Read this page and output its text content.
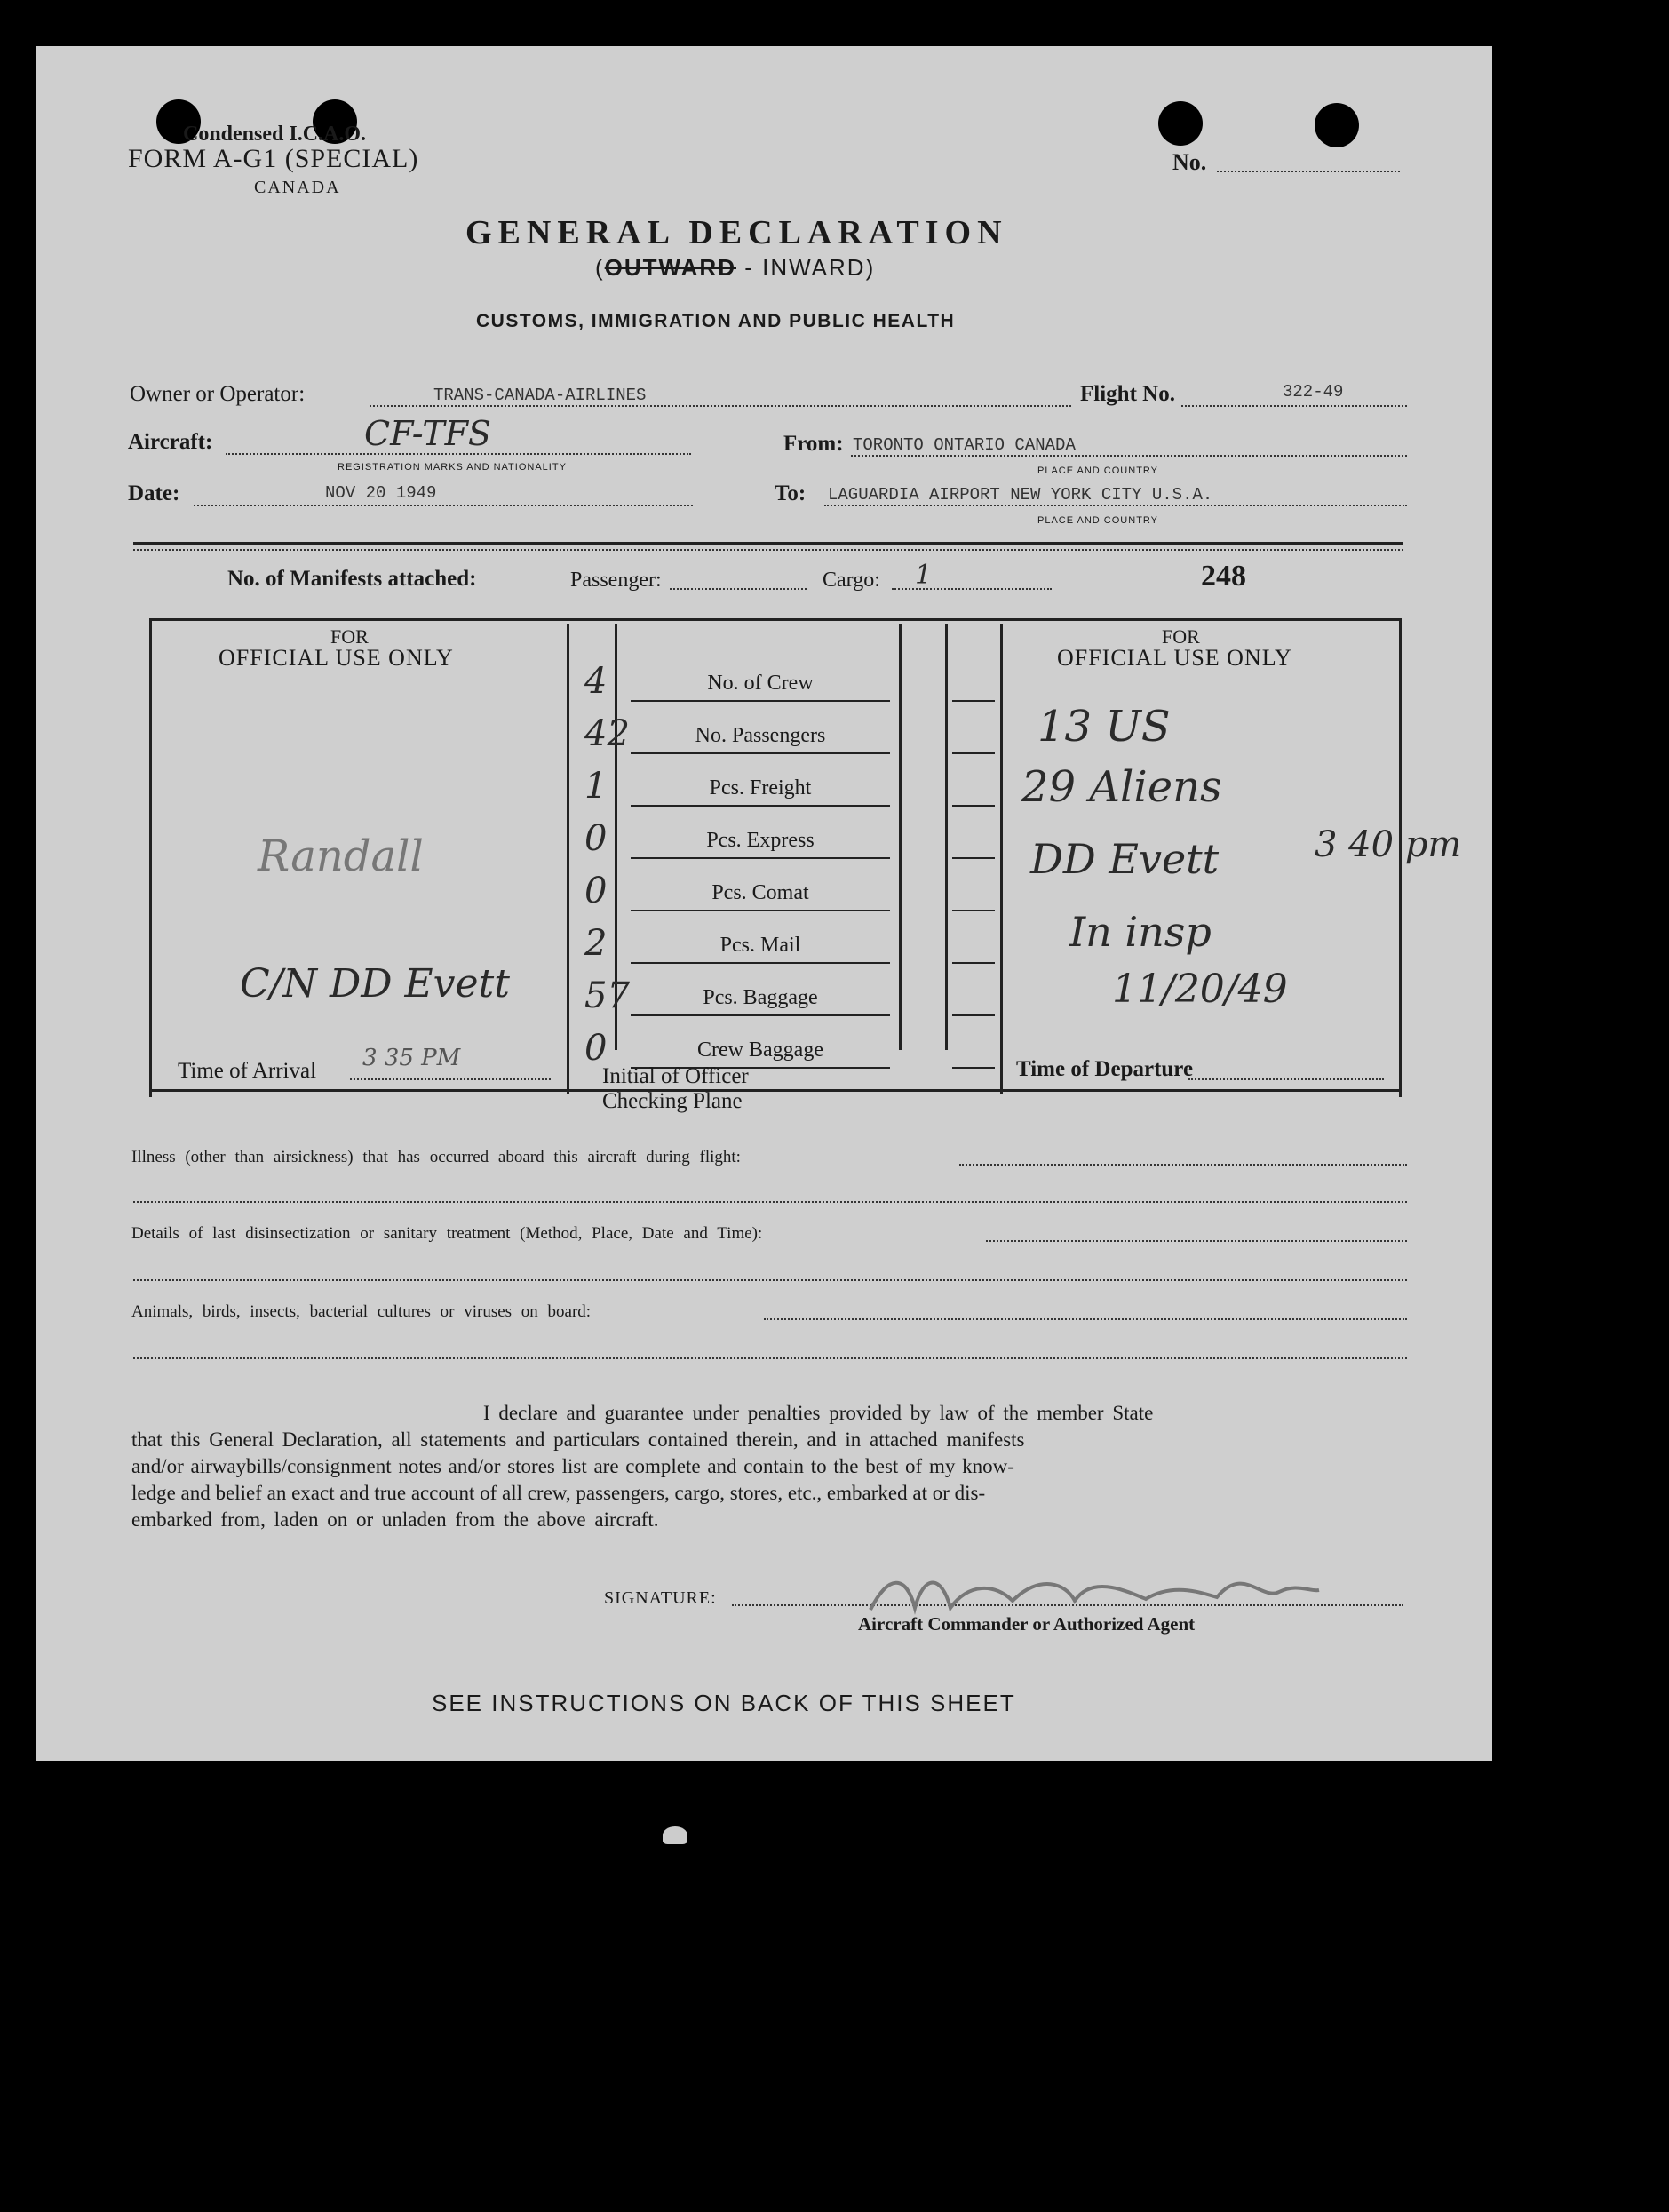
Condensed I.C.A.O.
FORM A-G1 (SPECIAL)
CANADA
No.
GENERAL DECLARATION
(OUTWARD - INWARD)
CUSTOMS, IMMIGRATION AND PUBLIC HEALTH
Owner or Operator:	TRANS-CANADA-AIRLINES	Flight No.	322-49
Aircraft:	CF-TFS
REGISTRATION MARKS AND NATIONALITY
From: TORONTO ONTARIO CANADA
PLACE AND COUNTRY
Date:	NOV 20 1949	To: LAGUARDIA AIRPORT NEW YORK CITY U.S.A.
PLACE AND COUNTRY
No. of Manifests attached:	Passenger:	Cargo: 1	248
FOR
OFFICIAL USE ONLY
FOR
OFFICIAL USE ONLY
4	No. of Crew
42	No. Passengers
1	Pcs. Freight
0	Pcs. Express
0	Pcs. Comat
2	Pcs. Mail
57	Pcs. Baggage
0	Crew Baggage
Randall
C/N DD Evett
13 US
29 Aliens
DD Evett	3 40 pm
In insp
11/20/49
Time of Arrival 3 35 PM
Initial of Officer
Checking Plane
Time of Departure
Illness (other than airsickness) that has occurred aboard this aircraft during flight:
Details of last disinsectization or sanitary treatment (Method, Place, Date and Time):
Animals, birds, insects, bacterial cultures or viruses on board:
I declare and guarantee under penalties provided by law of the member State
that this General Declaration, all statements and particulars contained therein, and in attached manifests
and/or airwaybills/consignment notes and/or stores list are complete and contain to the best of my know-
ledge and belief an exact and true account of all crew, passengers, cargo, stores, etc., embarked at or dis-
embarked from, laden on or unladen from the above aircraft.
SIGNATURE:
Aircraft Commander or Authorized Agent
SEE INSTRUCTIONS ON BACK OF THIS SHEET
